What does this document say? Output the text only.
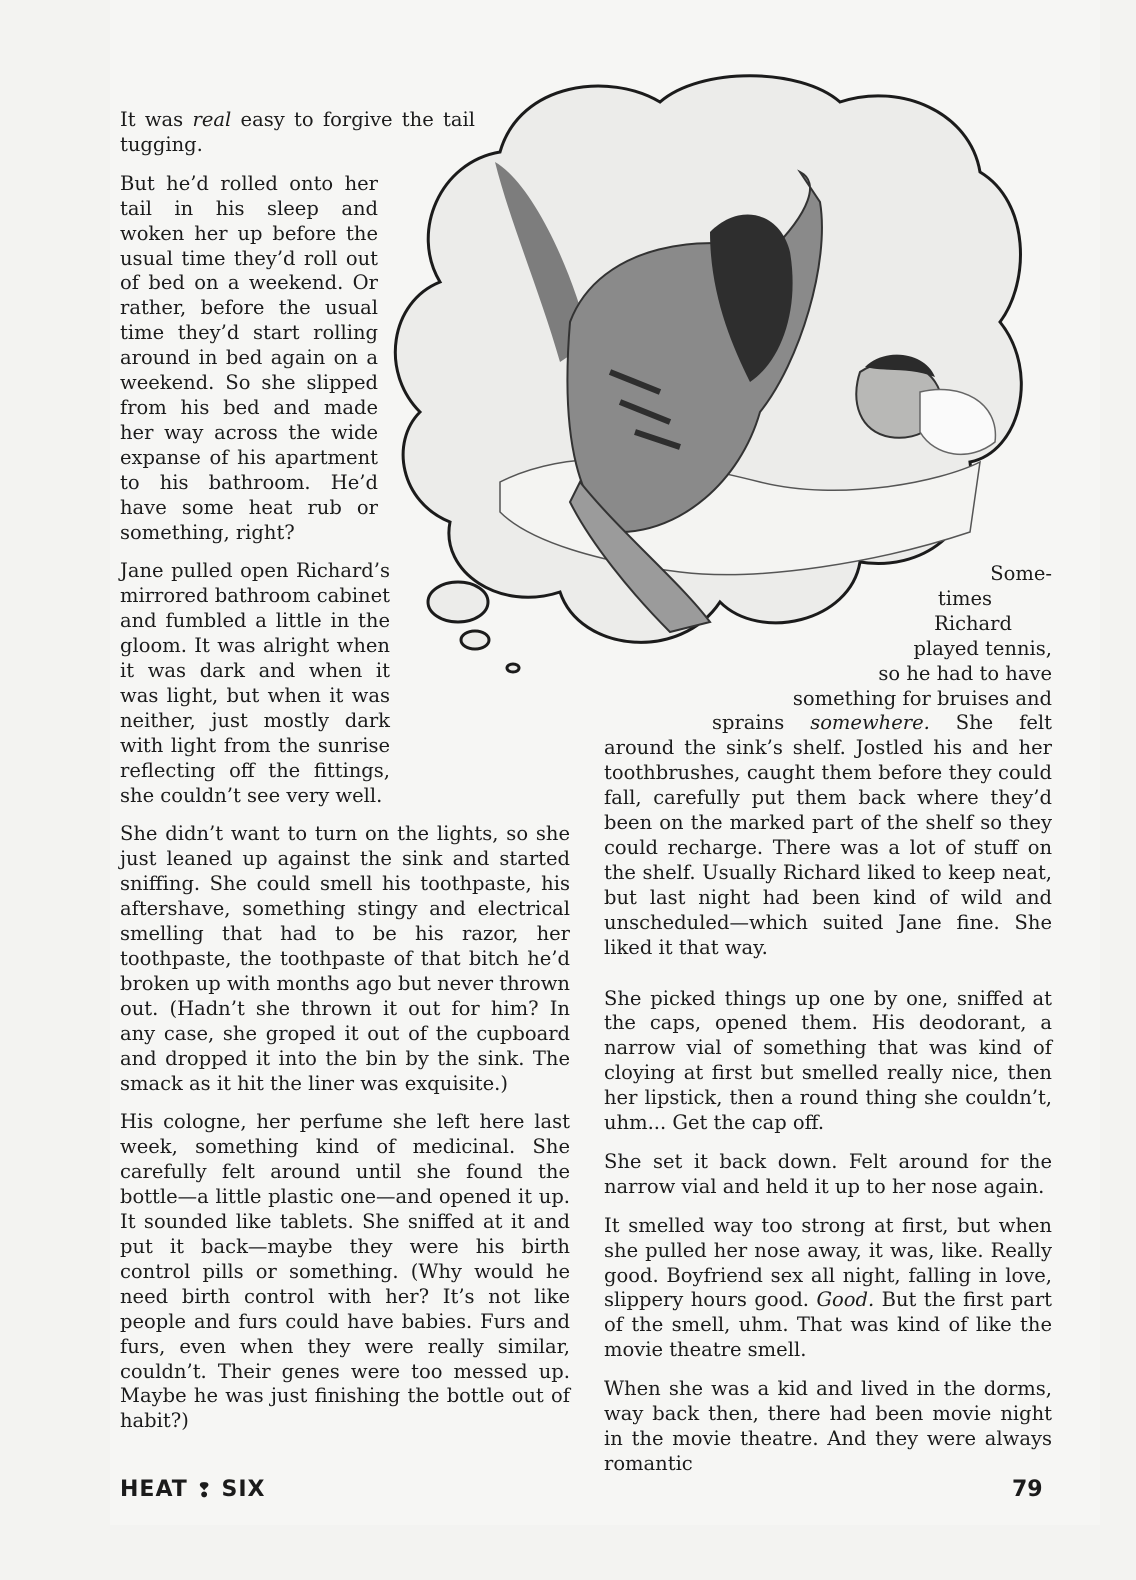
It was real easy to forgive the tail tugging.

But he’d rolled onto her tail in his sleep and woken her up before the usual time they’d roll out of bed on a weekend. Or rather, before the usual time they’d start rolling around in bed again on a weekend. So she slipped from his bed and made her way across the wide expanse of his apartment to his bathroom. He’d have some heat rub or something, right?

Jane pulled open Richard’s mirrored bathroom cabinet and fumbled a little in the gloom. It was alright when it was dark and when it was light, but when it was neither, just mostly dark with light from the sunrise reflecting off the fittings, she couldn’t see very well.

She didn’t want to turn on the lights, so she just leaned up against the sink and started sniffing. She could smell his toothpaste, his aftershave, something stingy and electrical smelling that had to be his razor, her toothpaste, the toothpaste of that bitch he’d broken up with months ago but never thrown out. (Hadn’t she thrown it out for him? In any case, she groped it out of the cupboard and dropped it into the bin by the sink. The smack as it hit the liner was exquisite.)

His cologne, her perfume she left here last week, something kind of medicinal. She carefully felt around until she found the bottle—a little plastic one—and opened it up. It sounded like tablets. She sniffed at it and put it back—maybe they were his birth control pills or something. (Why would he need birth control with her? It’s not like people and furs could have babies. Furs and furs, even when they were really similar, couldn’t. Their genes were too messed up. Maybe he was just finishing the bottle out of habit?)

Some-
times
Richard
played tennis,
so he had to have
something for bruises and

sprains somewhere. She felt around the sink’s shelf. Jostled his and her toothbrushes, caught them before they could fall, carefully put them back where they’d been on the marked part of the shelf so they could recharge. There was a lot of stuff on the shelf. Usually Richard liked to keep neat, but last night had been kind of wild and unscheduled—which suited Jane fine. She liked it that way.

She picked things up one by one, sniffed at the caps, opened them. His deodorant, a narrow vial of something that was kind of cloying at first but smelled really nice, then her lipstick, then a round thing she couldn’t, uhm... Get the cap off.

She set it back down. Felt around for the narrow vial and held it up to her nose again.

It smelled way too strong at first, but when she pulled her nose away, it was, like. Really good. Boyfriend sex all night, falling in love, slippery hours good. Good. But the first part of the smell, uhm. That was kind of like the movie theatre smell.

When she was a kid and lived in the dorms, way back then, there had been movie night in the movie theatre. And they were always romantic

HEAT ❢ SIX	79
